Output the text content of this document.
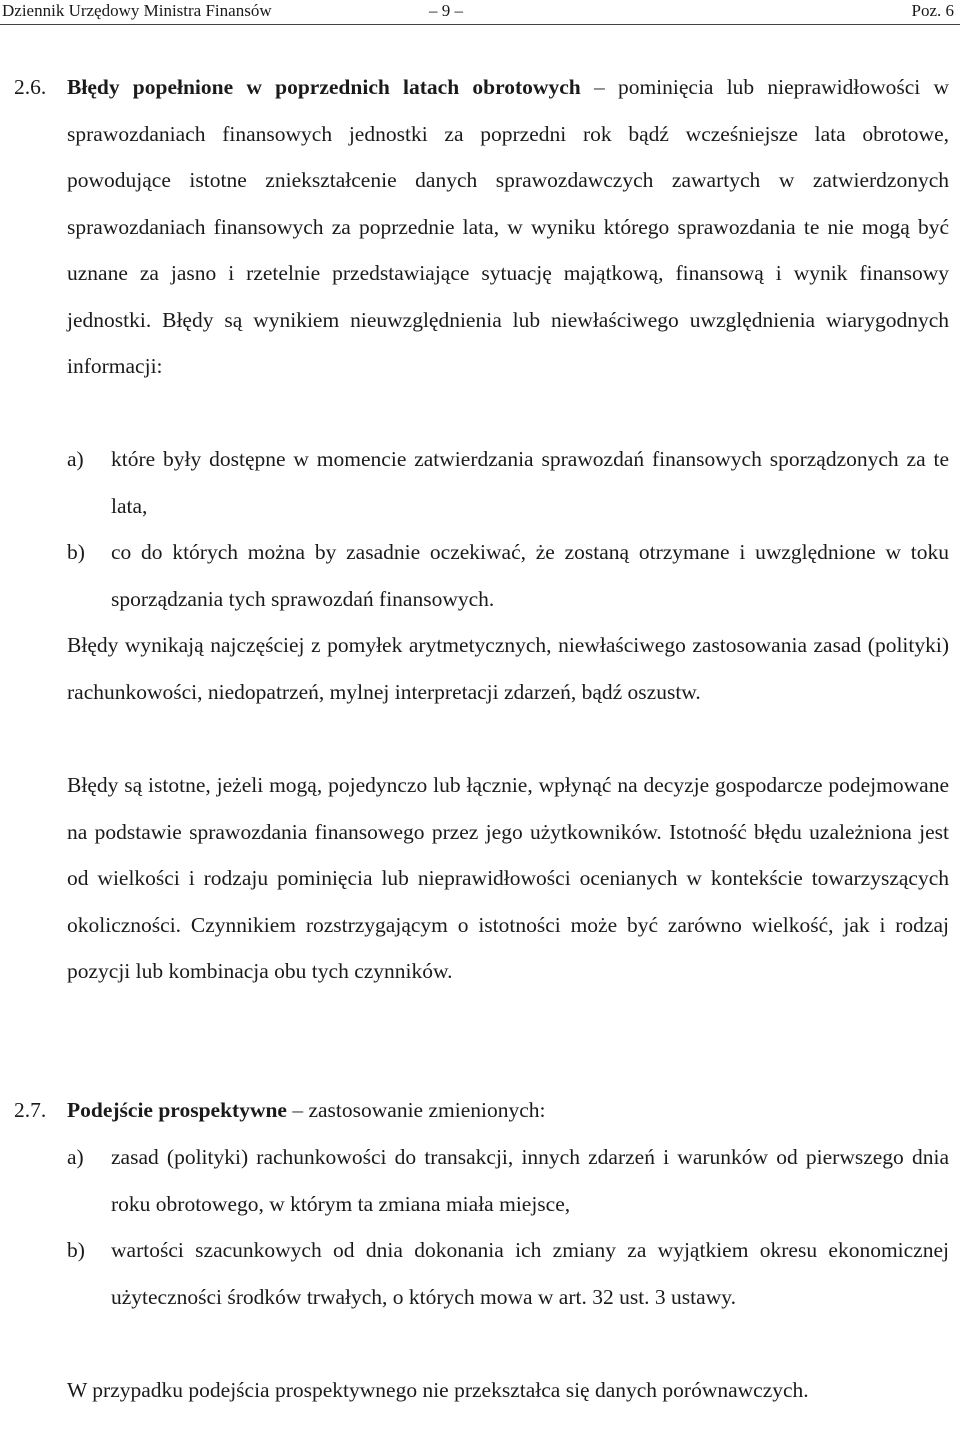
Dziennik Urzędowy Ministra Finansów	– 9 –	Poz. 6
2.6. Błędy popełnione w poprzednich latach obrotowych – pominięcia lub nieprawidłowości w sprawozdaniach finansowych jednostki za poprzedni rok bądź wcześniejsze lata obrotowe, powodujące istotne zniekształcenie danych sprawozdawczych zawartych w zatwierdzonych sprawozdaniach finansowych za poprzednie lata, w wyniku którego sprawozdania te nie mogą być uznane za jasno i rzetelnie przedstawiające sytuację majątkową, finansową i wynik finansowy jednostki. Błędy są wynikiem nieuwzględnienia lub niewłaściwego uwzględnienia wiarygodnych informacji:
a) które były dostępne w momencie zatwierdzania sprawozdań finansowych sporządzonych za te lata,
b) co do których można by zasadnie oczekiwać, że zostaną otrzymane i uwzględnione w toku sporządzania tych sprawozdań finansowych.
Błędy wynikają najczęściej z pomyłek arytmetycznych, niewłaściwego zastosowania zasad (polityki) rachunkowości, niedopatrzeń, mylnej interpretacji zdarzeń, bądź oszustw.
Błędy są istotne, jeżeli mogą, pojedynczo lub łącznie, wpłynąć na decyzje gospodarcze podejmowane na podstawie sprawozdania finansowego przez jego użytkowników. Istotność błędu uzależniona jest od wielkości i rodzaju pominięcia lub nieprawidłowości ocenianych w kontekście towarzyszących okoliczności. Czynnikiem rozstrzygającym o istotności może być zarówno wielkość, jak i rodzaj pozycji lub kombinacja obu tych czynników.
2.7. Podejście prospektywne – zastosowanie zmienionych:
a) zasad (polityki) rachunkowości do transakcji, innych zdarzeń i warunków od pierwszego dnia roku obrotowego, w którym ta zmiana miała miejsce,
b) wartości szacunkowych od dnia dokonania ich zmiany za wyjątkiem okresu ekonomicznej użyteczności środków trwałych, o których mowa w art. 32 ust. 3 ustawy.
W przypadku podejścia prospektywnego nie przekształca się danych porównawczych.
